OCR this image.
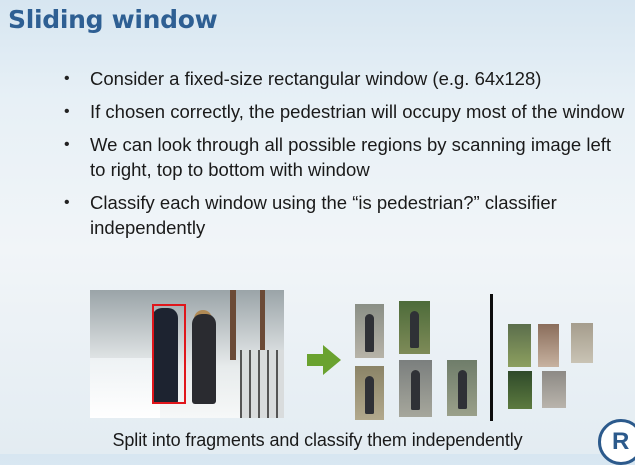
Sliding window
• Consider a fixed-size rectangular window (e.g. 64x128)
• If chosen correctly, the pedestrian will occupy most of the window
• We can look through all possible regions by scanning image left to right, top to bottom with window
• Classify each window using the “is pedestrian?” classifier independently
Split into fragments and classify them independently	R
